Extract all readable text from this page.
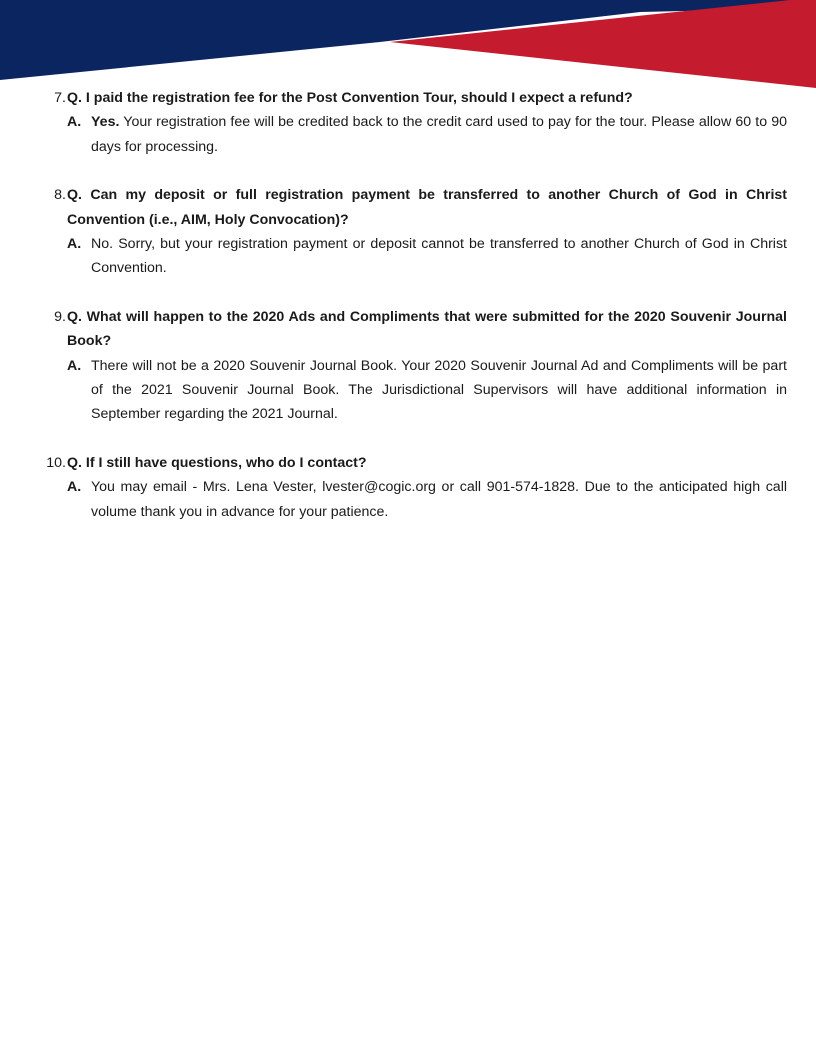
7. Q. I paid the registration fee for the Post Convention Tour, should I expect a refund?
A. Yes. Your registration fee will be credited back to the credit card used to pay for the tour. Please allow 60 to 90 days for processing.
8. Q. Can my deposit or full registration payment be transferred to another Church of God in Christ Convention (i.e., AIM, Holy Convocation)?
A. No. Sorry, but your registration payment or deposit cannot be transferred to another Church of God in Christ Convention.
9. Q. What will happen to the 2020 Ads and Compliments that were submitted for the 2020 Souvenir Journal Book?
A. There will not be a 2020 Souvenir Journal Book. Your 2020 Souvenir Journal Ad and Compliments will be part of the 2021 Souvenir Journal Book. The Jurisdictional Supervisors will have additional information in September regarding the 2021 Journal.
10. Q. If I still have questions, who do I contact?
A. You may email - Mrs. Lena Vester, lvester@cogic.org or call 901-574-1828. Due to the anticipated high call volume thank you in advance for your patience.
